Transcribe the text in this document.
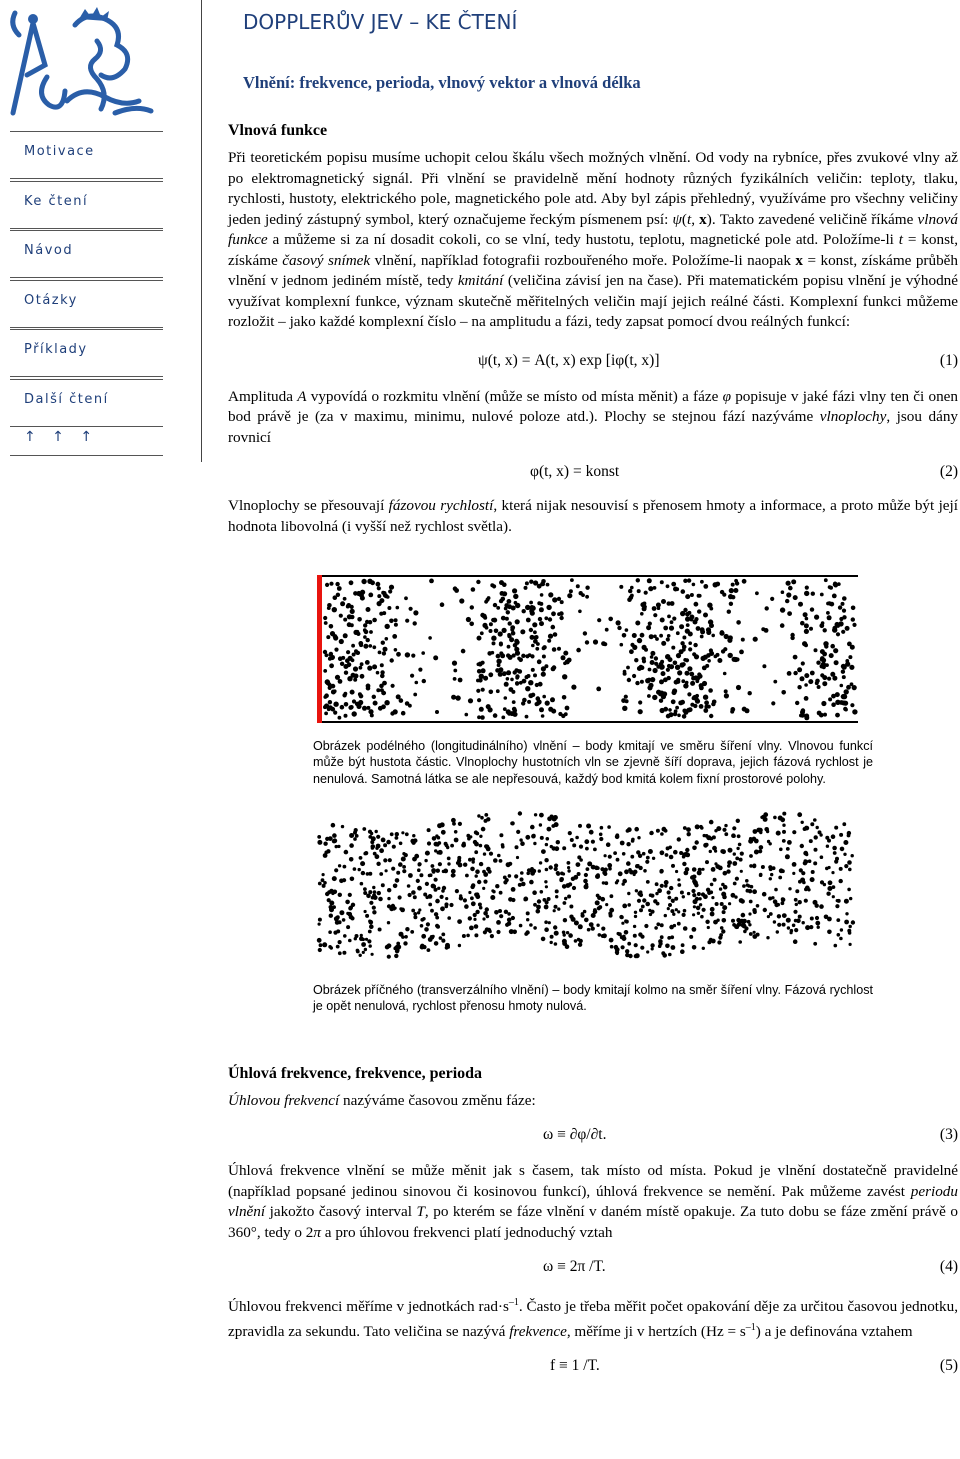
Motivace
Ke čtení
Návod
Otázky
Příklady
Další čtení
↑ ↑ ↑
DOPPLERŮV JEV – KE ČTENÍ
Vlnění: frekvence, perioda, vlnový vektor a vlnová délka
Vlnová funkce

Při teoretickém popisu musíme uchopit celou škálu všech možných vlnění. Od vody na rybníce, přes zvukové vlny až po elektromagnetický signál. Při vlnění se pravidelně mění hodnoty různých fyzikálních veličin: teploty, tlaku, rychlosti, hustoty, elektrického pole, magnetického pole atd. Aby byl zápis přehledný, využíváme pro všechny veličiny jeden jediný zástupný symbol, který označujeme řeckým písmenem psí: ψ(t, x). Takto zavedené veličině říkáme vlnová funkce a můžeme si za ní dosadit cokoli, co se vlní, tedy hustotu, teplotu, magnetické pole atd. Položíme-li t = konst, získáme časový snímek vlnění, například fotografii rozbouřeného moře. Položíme-li naopak x = konst, získáme průběh vlnění v jednom jediném místě, tedy kmitání (veličina závisí jen na čase). Při matematickém popisu vlnění je výhodné využívat komplexní funkce, význam skutečně měřitelných veličin mají jejich reálné části. Komplexní funkci můžeme rozložit – jako každé komplexní číslo – na amplitudu a fázi, tedy zapsat pomocí dvou reálných funkcí:

ψ(t, x) = A(t, x) exp [iφ(t, x)]	(1)

Amplituda A vypovídá o rozkmitu vlnění (může se místo od místa měnit) a fáze φ popisuje v jaké fázi vlny ten či onen bod právě je (za v maximu, minimu, nulové poloze atd.). Plochy se stejnou fází nazýváme vlnoplochy, jsou dány rovnicí

φ(t, x) = konst	(2)

Vlnoplochy se přesouvají fázovou rychlostí, která nijak nesouvisí s přenosem hmoty a informace, a proto může být její hodnota libovolná (i vyšší než rychlost světla).

Obrázek podélného (longitudinálního) vlnění – body kmitají ve směru šíření vlny. Vlnovou funkcí může být hustota částic. Vlnoplochy hustotních vln se zjevně šíří doprava, jejich fázová rychlost je nenulová. Samotná látka se ale nepřesouvá, každý bod kmitá kolem fixní prostorové polohy.
Obrázek příčného (transverzálního vlnění) – body kmitají kolmo na směr šíření vlny. Fázová rychlost je opět nenulová, rychlost přenosu hmoty nulová.
Úhlová frekvence, frekvence, perioda

Úhlovou frekvencí nazýváme časovou změnu fáze:

ω ≡ ∂φ/∂t.	(3)

Úhlová frekvence vlnění se může měnit jak s časem, tak místo od místa. Pokud je vlnění dostatečně pravidelné (například popsané jedinou sinovou či kosinovou funkcí), úhlová frekvence se nemění. Pak můžeme zavést periodu vlnění jakožto časový interval T, po kterém se fáze vlnění v daném místě opakuje. Za tuto dobu se fáze změní právě o 360°, tedy o 2π a pro úhlovou frekvenci platí jednoduchý vztah

ω ≡ 2π /T.	(4)

Úhlovou frekvenci měříme v jednotkách $rad\cdot s^{-1}$. Často je třeba měřit počet opakování děje za určitou časovou jednotku, zpravidla za sekundu. Tato veličina se nazývá frekvence, měříme ji v hertzích $(Hz = s^{-1})$ a je definována vztahem

f ≡ 1 /T.	(5)
